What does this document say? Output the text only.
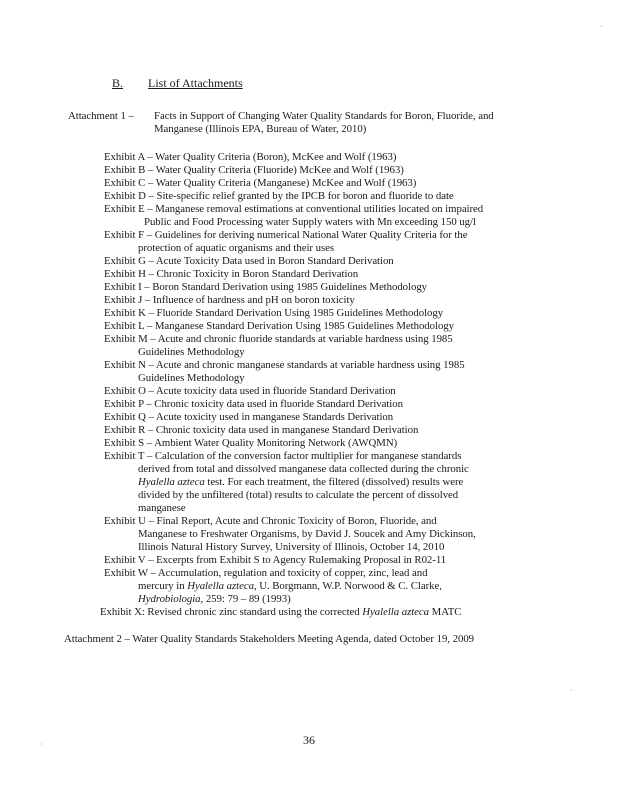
B. List of Attachments
Attachment 1 – Facts in Support of Changing Water Quality Standards for Boron, Fluoride, and
Manganese (Illinois EPA, Bureau of Water, 2010)
Exhibit A – Water Quality Criteria (Boron), McKee and Wolf (1963)
Exhibit B – Water Quality Criteria (Fluoride) McKee and Wolf (1963)
Exhibit C – Water Quality Criteria (Manganese) McKee and Wolf (1963)
Exhibit D – Site-specific relief granted by the IPCB for boron and fluoride to date
Exhibit E – Manganese removal estimations at conventional utilities located on impaired
Public and Food Processing water Supply waters with Mn exceeding 150 ug/l
Exhibit F – Guidelines for deriving numerical National Water Quality Criteria for the
protection of aquatic organisms and their uses
Exhibit G – Acute Toxicity Data used in Boron Standard Derivation
Exhibit H – Chronic Toxicity in Boron Standard Derivation
Exhibit I – Boron Standard Derivation using 1985 Guidelines Methodology
Exhibit J – Influence of hardness and pH on boron toxicity
Exhibit K – Fluoride Standard Derivation Using 1985 Guidelines Methodology
Exhibit L – Manganese Standard Derivation Using 1985 Guidelines Methodology
Exhibit M – Acute and chronic fluoride standards at variable hardness using 1985
Guidelines Methodology
Exhibit N – Acute and chronic manganese standards at variable hardness using 1985
Guidelines Methodology
Exhibit O – Acute toxicity data used in fluoride Standard Derivation
Exhibit P – Chronic toxicity data used in fluoride Standard Derivation
Exhibit Q – Acute toxicity used in manganese Standards Derivation
Exhibit R – Chronic toxicity data used in manganese Standard Derivation
Exhibit S – Ambient Water Quality Monitoring Network (AWQMN)
Exhibit T – Calculation of the conversion factor multiplier for manganese standards
derived from total and dissolved manganese data collected during the chronic
Hyalella azteca test. For each treatment, the filtered (dissolved) results were
divided by the unfiltered (total) results to calculate the percent of dissolved
manganese
Exhibit U – Final Report, Acute and Chronic Toxicity of Boron, Fluoride, and
Manganese to Freshwater Organisms, by David J. Soucek and Amy Dickinson,
Illinois Natural History Survey, University of Illinois, October 14, 2010
Exhibit V – Excerpts from Exhibit S to Agency Rulemaking Proposal in R02-11
Exhibit W – Accumulation, regulation and toxicity of copper, zinc, lead and
mercury in Hyalella azteca, U. Borgmann, W.P. Norwood & C. Clarke,
Hydrobiologia, 259: 79 – 89 (1993)
Exhibit X: Revised chronic zinc standard using the corrected Hyalella azteca MATC
Attachment 2 – Water Quality Standards Stakeholders Meeting Agenda, dated October 19, 2009
36
·
·
·
